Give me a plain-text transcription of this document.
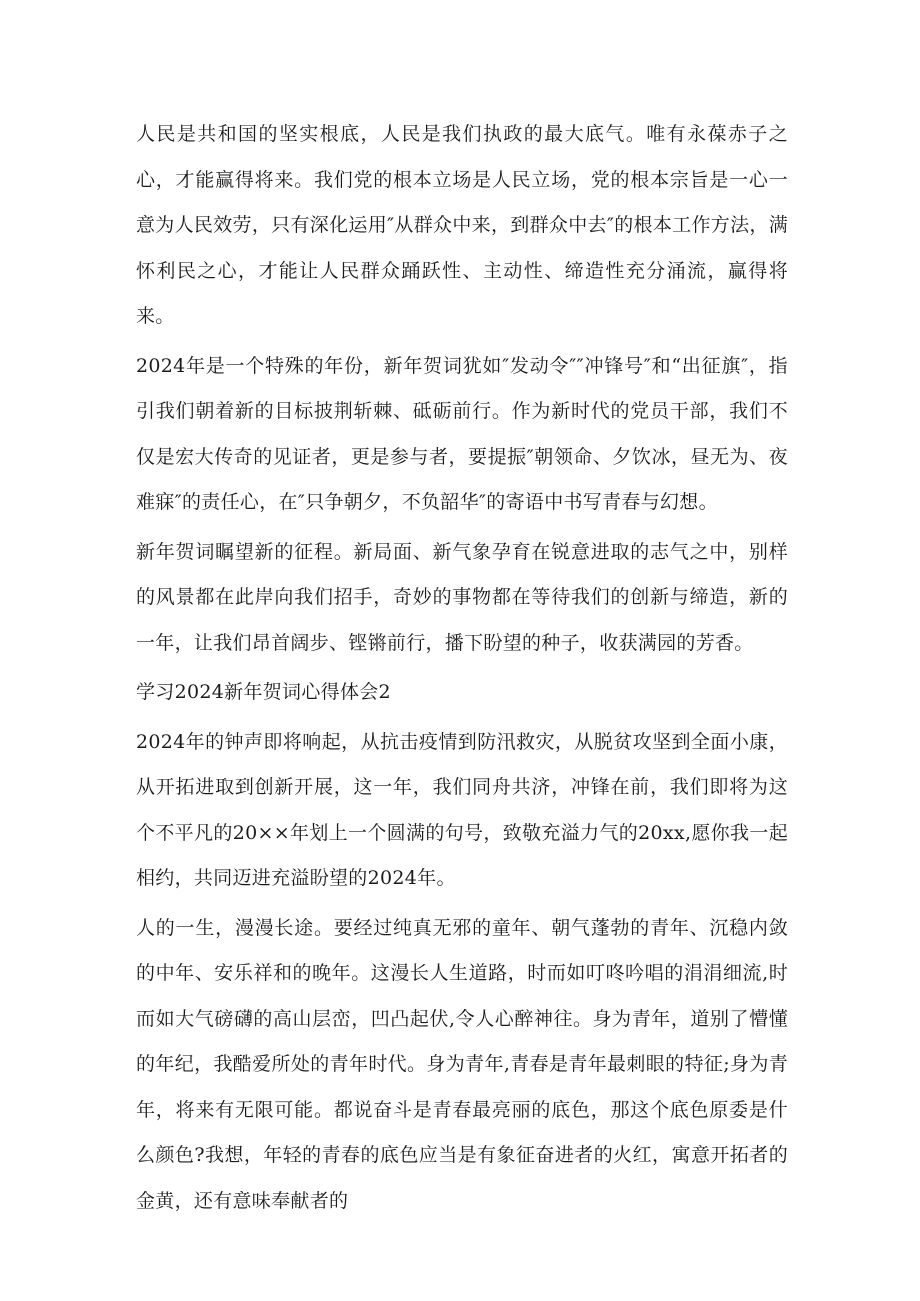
人民是共和国的坚实根底，人民是我们执政的最大底气。唯有永葆赤子之心，才能赢得将来。我们党的根本立场是人民立场，党的根本宗旨是一心一意为人民效劳，只有深化运用″从群众中来，到群众中去″的根本工作方法，满怀利民之心，才能让人民群众踊跃性、主动性、缔造性充分涌流，赢得将来。

2024年是一个特殊的年份，新年贺词犹如″发动令″″冲锋号″和“出征旗″，指引我们朝着新的目标披荆斩棘、砥砺前行。作为新时代的党员干部，我们不仅是宏大传奇的见证者，更是参与者，要提振″朝领命、夕饮冰，昼无为、夜难寐″的责任心，在″只争朝夕，不负韶华″的寄语中书写青春与幻想。

新年贺词瞩望新的征程。新局面、新气象孕育在锐意进取的志气之中，别样的风景都在此岸向我们招手，奇妙的事物都在等待我们的创新与缔造，新的一年，让我们昂首阔步、铿锵前行，播下盼望的种子，收获满园的芳香。

学习2024新年贺词心得体会2

2024年的钟声即将响起，从抗击疫情到防汛救灾，从脱贫攻坚到全面小康，从开拓进取到创新开展，这一年，我们同舟共济，冲锋在前，我们即将为这个不平凡的20××年划上一个圆满的句号，致敬充溢力气的20xx,愿你我一起相约，共同迈进充溢盼望的2024年。

人的一生，漫漫长途。要经过纯真无邪的童年、朝气蓬勃的青年、沉稳内敛的中年、安乐祥和的晚年。这漫长人生道路，时而如叮咚吟唱的涓涓细流,时而如大气磅礴的高山层峦，凹凸起伏,令人心醉神往。身为青年，道别了懵懂的年纪，我酷爱所处的青年时代。身为青年,青春是青年最刺眼的特征;身为青年，将来有无限可能。都说奋斗是青春最亮丽的底色，那这个底色原委是什么颜色?我想，年轻的青春的底色应当是有象征奋进者的火红，寓意开拓者的金黄，还有意味奉献者的
